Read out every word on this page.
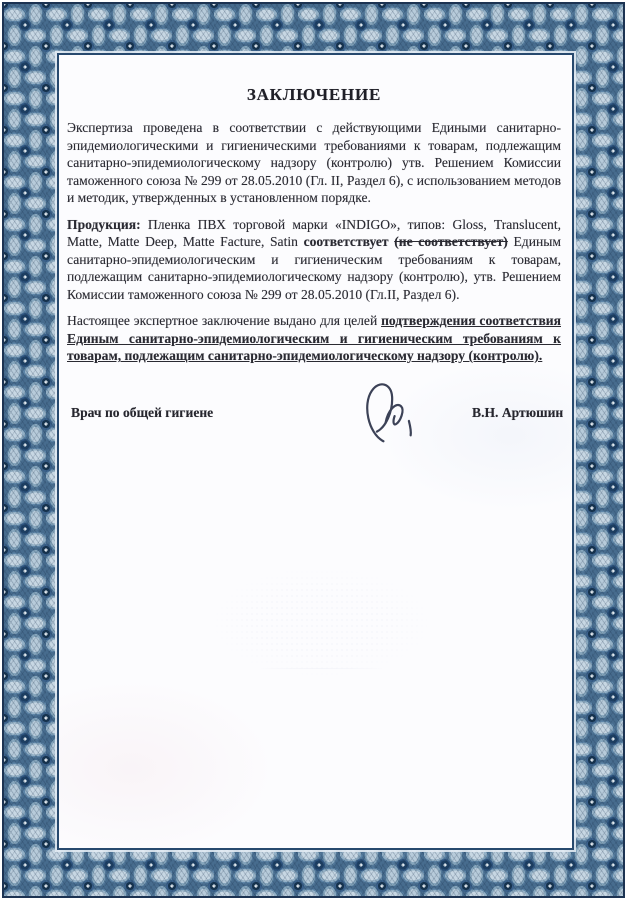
ЗАКЛЮЧЕНИЕ

Экспертиза проведена в соответствии с действующими Едиными санитарно-эпидемиологическими и гигиеническими требованиями к товарам, подлежащим санитарно-эпидемиологическому надзору (контролю) утв. Решением Комиссии таможенного союза № 299 от 28.05.2010 (Гл. II, Раздел 6), с использованием методов и методик, утвержденных в установленном порядке.

Продукция: Пленка ПВХ торговой марки «INDIGO», типов: Gloss, Translucent, Matte, Matte Deep, Matte Facture, Satin соответствует (не соответствует) Единым санитарно-эпидемиологическим и гигиеническим требованиям к товарам, подлежащим санитарно-эпидемиологическому надзору (контролю), утв. Решением Комиссии таможенного союза № 299 от 28.05.2010 (Гл.II, Раздел 6).

Настоящее экспертное заключение выдано для целей подтверждения соответствия Единым санитарно-эпидемиологическим и гигиеническим требованиям к товарам, подлежащим санитарно-эпидемиологическому надзору (контролю).

Врач по общей гигиене	В.Н. Артюшин
